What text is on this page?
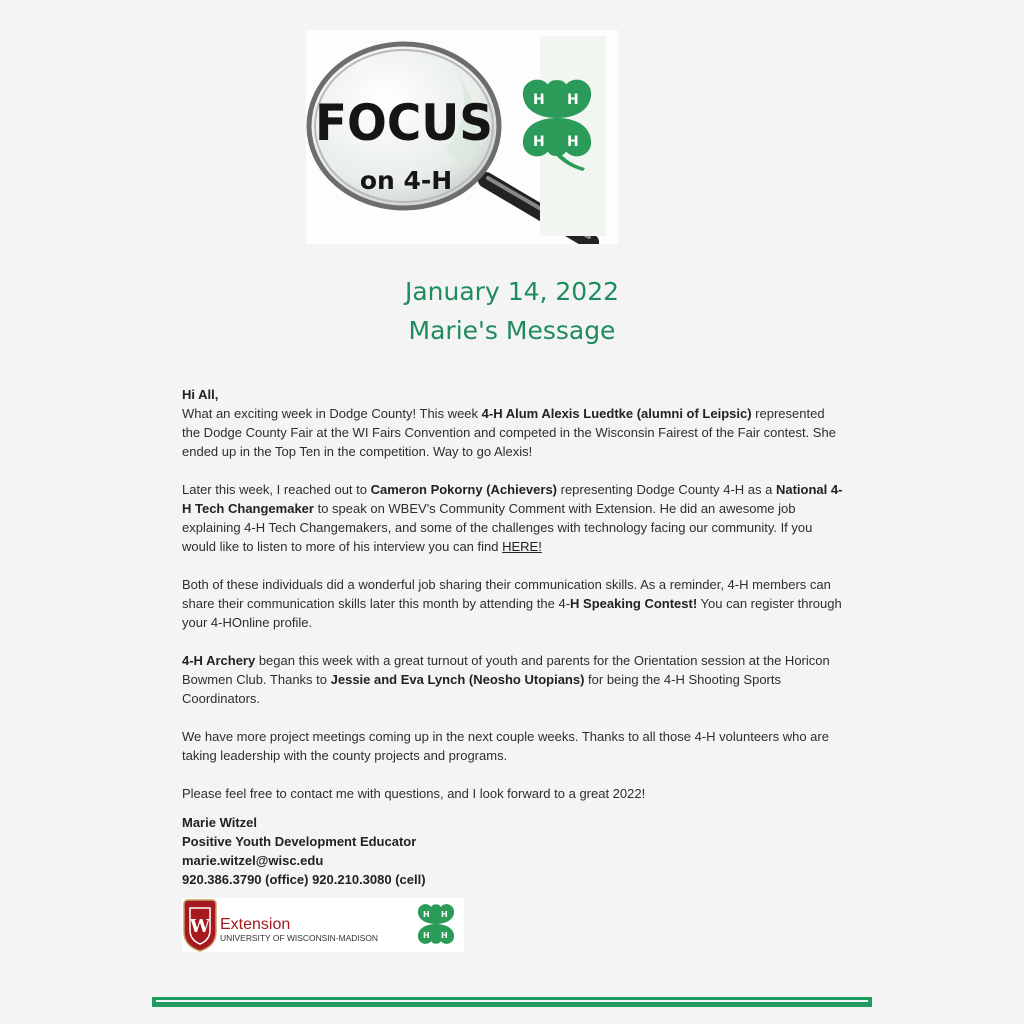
FOCUS
on 4-H
H H
H H
January 14, 2022
Marie's Message

Hi All,

What an exciting week in Dodge County! This week 4-H Alum Alexis Luedtke (alumni of Leipsic) represented the Dodge County Fair at the WI Fairs Convention and competed in the Wisconsin Fairest of the Fair contest. She ended up in the Top Ten in the competition. Way to go Alexis!

Later this week, I reached out to Cameron Pokorny (Achievers) representing Dodge County 4-H as a National 4-H Tech Changemaker to speak on WBEV's Community Comment with Extension. He did an awesome job explaining 4-H Tech Changemakers, and some of the challenges with technology facing our community. If you would like to listen to more of his interview you can find HERE!

Both of these individuals did a wonderful job sharing their communication skills. As a reminder, 4-H members can share their communication skills later this month by attending the 4-H Speaking Contest! You can register through your 4-HOnline profile.

4-H Archery began this week with a great turnout of youth and parents for the Orientation session at the Horicon Bowmen Club. Thanks to Jessie and Eva Lynch (Neosho Utopians) for being the 4-H Shooting Sports Coordinators.

We have more project meetings coming up in the next couple weeks. Thanks to all those 4-H volunteers who are taking leadership with the county projects and programs.

Please feel free to contact me with questions, and I look forward to a great 2022!

Marie Witzel
Positive Youth Development Educator
marie.witzel@wisc.edu
920.386.3790 (office) 920.210.3080 (cell)
W Extension
UNIVERSITY OF WISCONSIN-MADISON
H H
H H
